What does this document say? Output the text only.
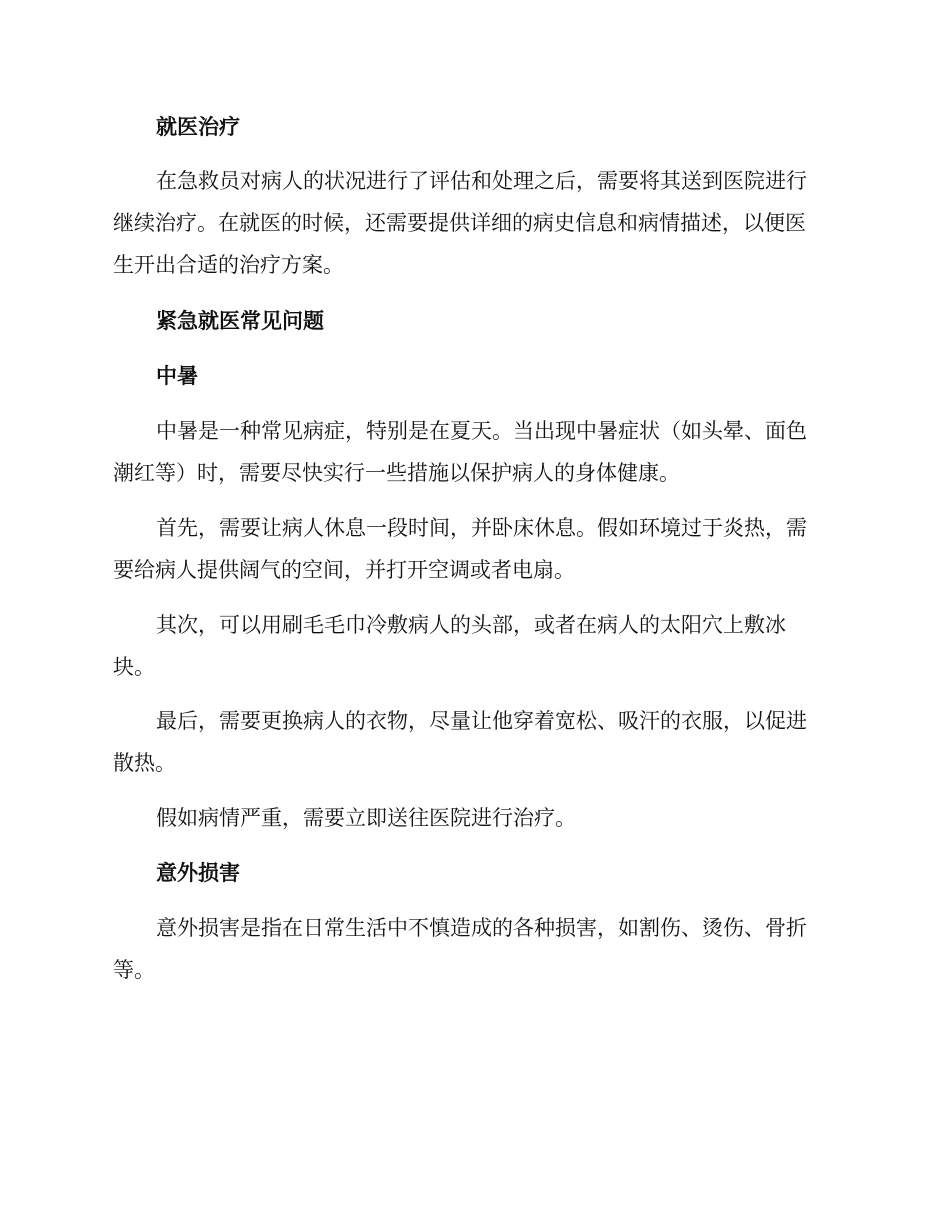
就医治疗
在急救员对病人的状况进行了评估和处理之后，需要将其送到医院进行
继续治疗。在就医的时候，还需要提供详细的病史信息和病情描述，以便医
生开出合适的治疗方案。
紧急就医常见问题
中暑
中暑是一种常见病症，特别是在夏天。当出现中暑症状（如头晕、面色
潮红等）时，需要尽快实行一些措施以保护病人的身体健康。
首先，需要让病人休息一段时间，并卧床休息。假如环境过于炎热，需
要给病人提供阔气的空间，并打开空调或者电扇。
其次，可以用刷毛毛巾冷敷病人的头部，或者在病人的太阳穴上敷冰
块。
最后，需要更换病人的衣物，尽量让他穿着宽松、吸汗的衣服，以促进
散热。
假如病情严重，需要立即送往医院进行治疗。
意外损害
意外损害是指在日常生活中不慎造成的各种损害，如割伤、烫伤、骨折
等。
